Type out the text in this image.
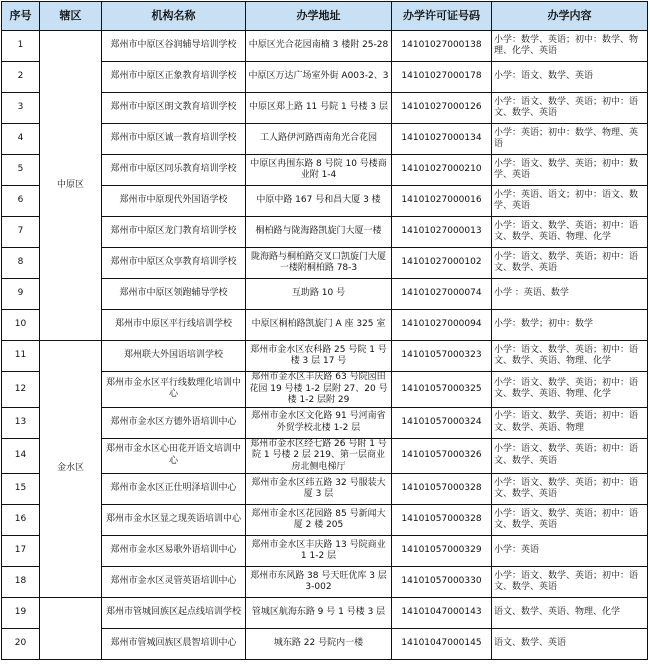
序号	辖区	机构名称	办学地址	办学许可证号码	办学内容
1	中原区	郑州市中原区谷润辅导培训学校	中原区光合花园南楠 3 楼附 25-28	14101027000138	小学：数学、英语；初中：数学、物理、化学、英语
2		郑州市中原区正象教育培训学校	中原区万达广场室外街 A003-2、3	14101027000178	小学：语文、数学、英语
3		郑州市中原区朗文教育培训学校	中原区郑上路 11 号院 1 号楼 3 层	14101027000126	小学：语文、数学、英语；初中：语文、数学、英语
4		郑州市中原区诚一教育培训学校	工人路伊河路西南角光合花园	14101027000134	小学：英语；初中：数学、物理、英语
5		郑州市中原区同乐教育培训学校	中原区冉围东路 8 号院 10 号楼商业附 1-4	14101027000210	小学：语文、数学、英语；初中：数学、英语
6		郑州市中原现代外国语学校	中原中路 167 号和昌大厦 3 楼	14101027000016	小学：英语、语文；初中：语文、数学、英语
7		郑州市中原区龙门教育培训学校	桐柏路与陇海路凯旋门大厦一楼	14101027000013	小学：语文、数学、英语；初中：语文、数学、英语、物理、化学
8		郑州市中原区众享教育培训学校	陇海路与桐柏路交叉口凯旋门大厦一楼附桐柏路 78-3	14101027000102	小学：语文、数学、英语；初中：语文、数学、英语
9		郑州市中原区领跑辅导学校	互助路 10 号	14101027000074	小学 ：英语、数学
10		郑州市中原区平行线培训学校	中原区桐柏路凯旋门 A 座 325 室	14101027000094	小学：数学；初中：数学
11	金水区	郑州联大外国语培训学校	郑州市金水区农科路 25 号院 1 号楼 3 层 17 号	14101057000323	小学：语文、数学、英语；初中：语文、数学、英语、物理、化学
12		郑州市金水区平行线数理化培训中心	郑州市金水区丰庆路 63 号院园田花园 19 号楼 1-2 层附 27、20 号楼 1-2 层附 29	14101057000325	小学：语文、数学、英语；初中：语文、数学、英语、物理、化学
13		郑州市金水区方德外语培训中心	郑州市金水区文化路 91 号河南省外贸学校北楼 1-2 层	14101057000324	小学：语文、数学、英语；初中：语文、数学、英语、物理
14		郑州市金水区心田花开语文培训中心	郑州市金水区经七路 26 号附 1 号院 1 号楼 2 层 219、第一层商业房北侧电梯厅	14101057000326	小学：语文、数学、英语；初中：语文、数学、英语
15		郑州市金水区正仕明泽培训中心	郑州市金水区纬五路 32 号服装大厦 3 层	14101057000328	小学：语文、数学、英语；初中：语文、数学、英语
16		郑州市金水区显之现英语培训中心	郑州市金水区花园路 85 号新闻大厦 2 楼 205	14101057000328	小学：语文、数学、英语；初中：语文、数学、英语
17		郑州市金水区易歌外语培训中心	郑州市金水区丰庆路 13 号院商业 1 1-2 层	14101057000329	小学：英语
18		郑州市金水区灵管英语培训中心	郑州市东风路 38 号天旺优库 3 层 3-002	14101057000330	小学：语文、数学、英语；初中：语文、数学、英语
19		郑州市管城回族区起点线培训学校	管城区航海东路 9 号 1 号楼 3 层	14101047000143	语文、数学、英语、物理、化学
20		郑州市管城回族区晨智培训中心	城东路 22 号院内一楼	14101047000145	语文、数学、英语
